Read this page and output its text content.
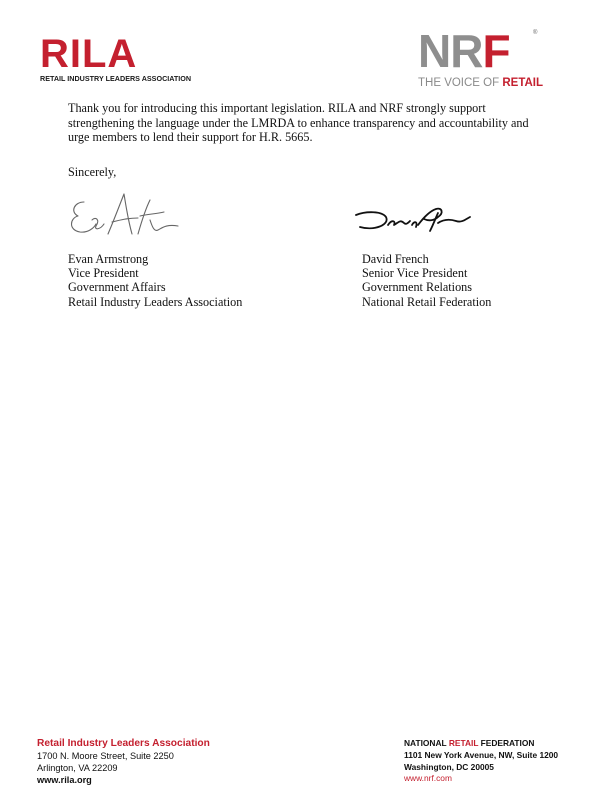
RILA
RETAIL INDUSTRY LEADERS ASSOCIATION
NRF	®
THE VOICE OF RETAIL

Thank you for introducing this important legislation. RILA and NRF strongly support strengthening the language under the LMRDA to enhance transparency and accountability and urge members to lend their support for H.R. 5665.

Sincerely,

Evan Armstrong
Vice President
Government Affairs
Retail Industry Leaders Association
David French
Senior Vice President
Government Relations
National Retail Federation
Retail Industry Leaders Association
1700 N. Moore Street, Suite 2250
Arlington, VA 22209
www.rila.org
NATIONAL RETAIL FEDERATION
1101 New York Avenue, NW, Suite 1200
Washington, DC 20005
www.nrf.com
